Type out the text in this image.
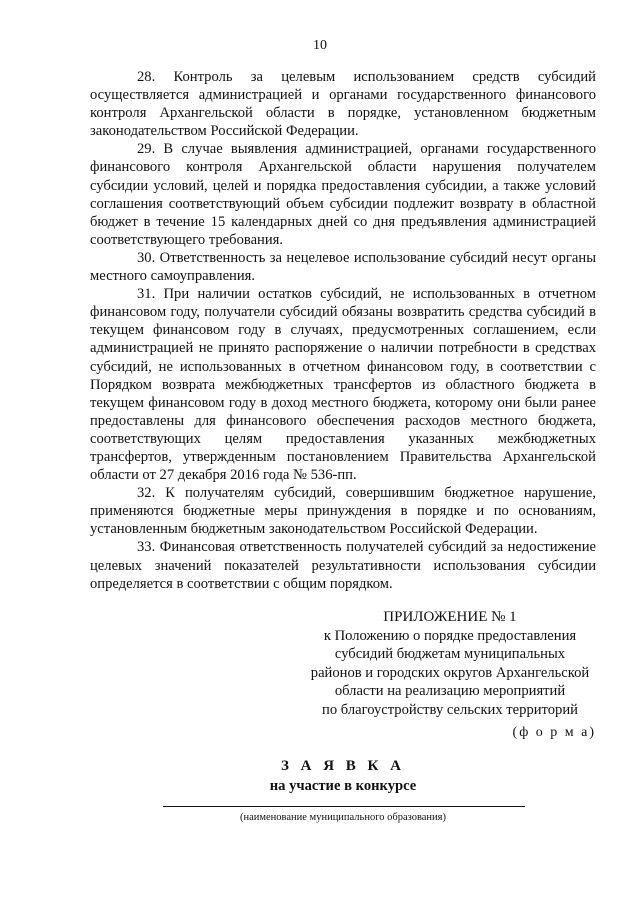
10

28. Контроль за целевым использованием средств субсидий осуществляется администрацией и органами государственного финансового контроля Архангельской области в порядке, установленном бюджетным законодательством Российской Федерации.

29. В случае выявления администрацией, органами государственного финансового контроля Архангельской области нарушения получателем субсидии условий, целей и порядка предоставления субсидии, а также условий соглашения соответствующий объем субсидии подлежит возврату в областной бюджет в течение 15 календарных дней со дня предъявления администрацией соответствующего требования.

30. Ответственность за нецелевое использование субсидий несут органы местного самоуправления.

31. При наличии остатков субсидий, не использованных в отчетном финансовом году, получатели субсидий обязаны возвратить средства субсидий в текущем финансовом году в случаях, предусмотренных соглашением, если администрацией не принято распоряжение о наличии потребности в средствах субсидий, не использованных в отчетном финансовом году, в соответствии с Порядком возврата межбюджетных трансфертов из областного бюджета в текущем финансовом году в доход местного бюджета, которому они были ранее предоставлены для финансового обеспечения расходов местного бюджета, соответствующих целям предоставления указанных межбюджетных трансфертов, утвержденным постановлением Правительства Архангельской области от 27 декабря 2016 года № 536-пп.

32. К получателям субсидий, совершившим бюджетное нарушение, применяются бюджетные меры принуждения в порядке и по основаниям, установленным бюджетным законодательством Российской Федерации.

33. Финансовая ответственность получателей субсидий за недостижение целевых значений показателей результативности использования субсидии определяется в соответствии с общим порядком.

ПРИЛОЖЕНИЕ № 1
к Положению о порядке предоставления
субсидий бюджетам муниципальных
районов и городских округов Архангельской
области на реализацию мероприятий
по благоустройству сельских территорий
(ф о р м а)
З А Я В К А
на участие в конкурсе
(наименование муниципального образования)
